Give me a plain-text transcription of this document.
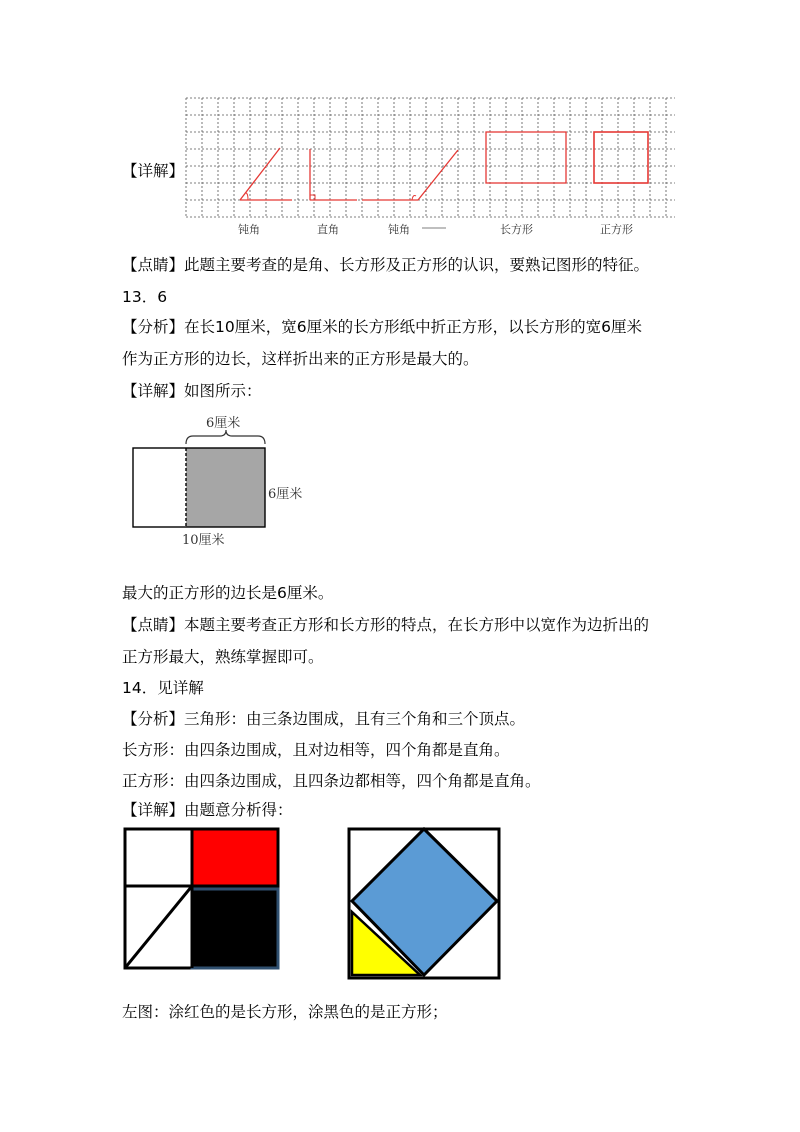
【详解】
钝角	直角	钝角	长方形	正方形
【点睛】此题主要考查的是角、长方形及正方形的认识，要熟记图形的特征。
13．6
【分析】在长10厘米，宽6厘米的长方形纸中折正方形，以长方形的宽6厘米
作为正方形的边长，这样折出来的正方形是最大的。
【详解】如图所示：
6厘米
6厘米
10厘米
最大的正方形的边长是6厘米。
【点睛】本题主要考查正方形和长方形的特点，在长方形中以宽作为边折出的
正方形最大，熟练掌握即可。
14．见详解
【分析】三角形：由三条边围成，且有三个角和三个顶点。
长方形：由四条边围成，且对边相等，四个角都是直角。
正方形：由四条边围成，且四条边都相等，四个角都是直角。
【详解】由题意分析得：
左图：涂红色的是长方形，涂黑色的是正方形；
